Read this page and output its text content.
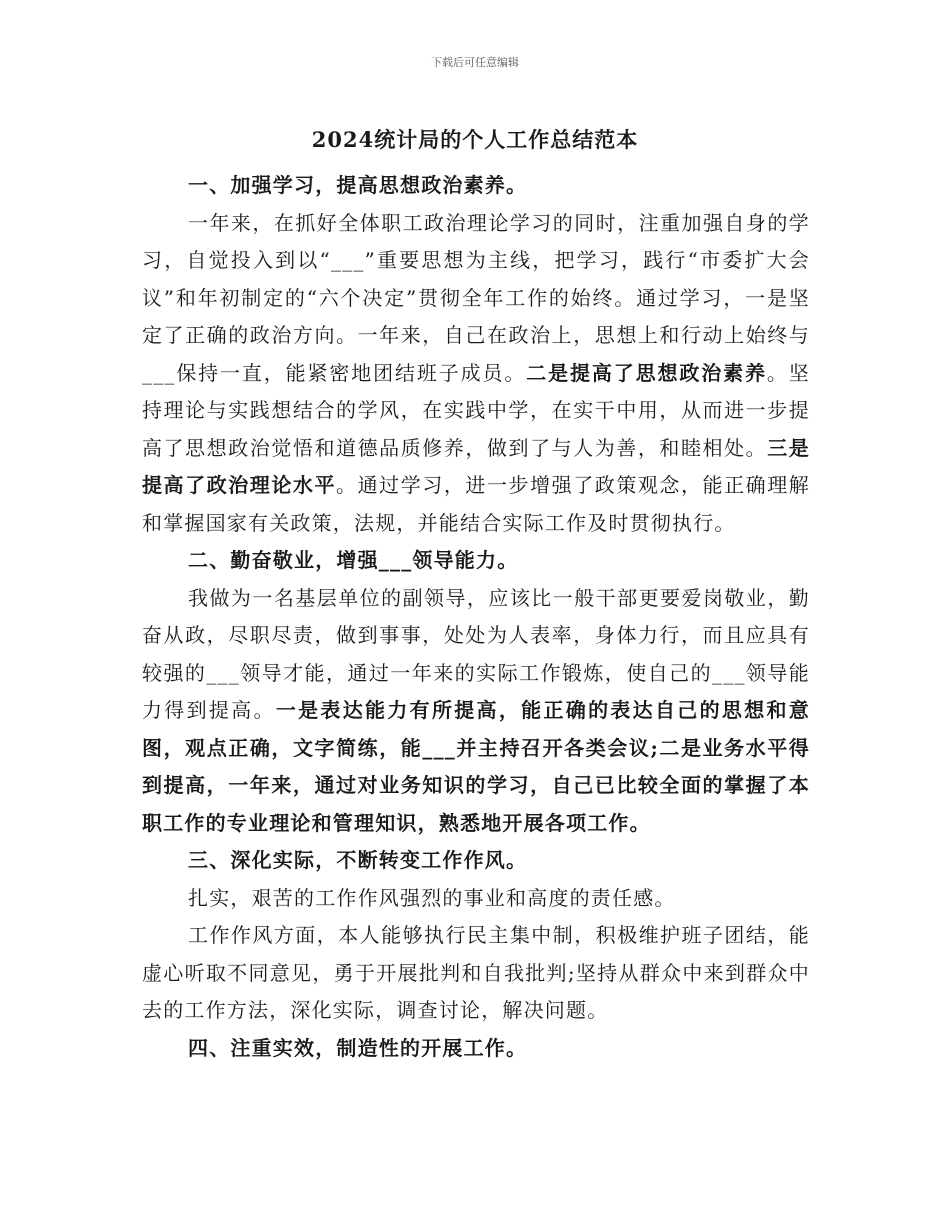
下载后可任意编辑
2024统计局的个人工作总结范本

一、加强学习，提高思想政治素养。

一年来，在抓好全体职工政治理论学习的同时，注重加强自身的学习，自觉投入到以“___”重要思想为主线，把学习，践行“市委扩大会议”和年初制定的“六个决定”贯彻全年工作的始终。通过学习，一是坚定了正确的政治方向。一年来，自己在政治上，思想上和行动上始终与___保持一直，能紧密地团结班子成员。二是提高了思想政治素养。坚持理论与实践想结合的学风，在实践中学，在实干中用，从而进一步提高了思想政治觉悟和道德品质修养，做到了与人为善，和睦相处。三是提高了政治理论水平。通过学习，进一步增强了政策观念，能正确理解和掌握国家有关政策，法规，并能结合实际工作及时贯彻执行。

二、勤奋敬业，增强___领导能力。

我做为一名基层单位的副领导，应该比一般干部更要爱岗敬业，勤奋从政，尽职尽责，做到事事，处处为人表率，身体力行，而且应具有较强的___领导才能，通过一年来的实际工作锻炼，使自己的___领导能力得到提高。一是表达能力有所提高，能正确的表达自己的思想和意图，观点正确，文字简练，能___并主持召开各类会议;二是业务水平得到提高，一年来，通过对业务知识的学习，自己已比较全面的掌握了本职工作的专业理论和管理知识，熟悉地开展各项工作。

三、深化实际，不断转变工作作风。

扎实，艰苦的工作作风强烈的事业和高度的责任感。

工作作风方面，本人能够执行民主集中制，积极维护班子团结，能虚心听取不同意见，勇于开展批判和自我批判;坚持从群众中来到群众中去的工作方法，深化实际，调查讨论，解决问题。

四、注重实效，制造性的开展工作。
